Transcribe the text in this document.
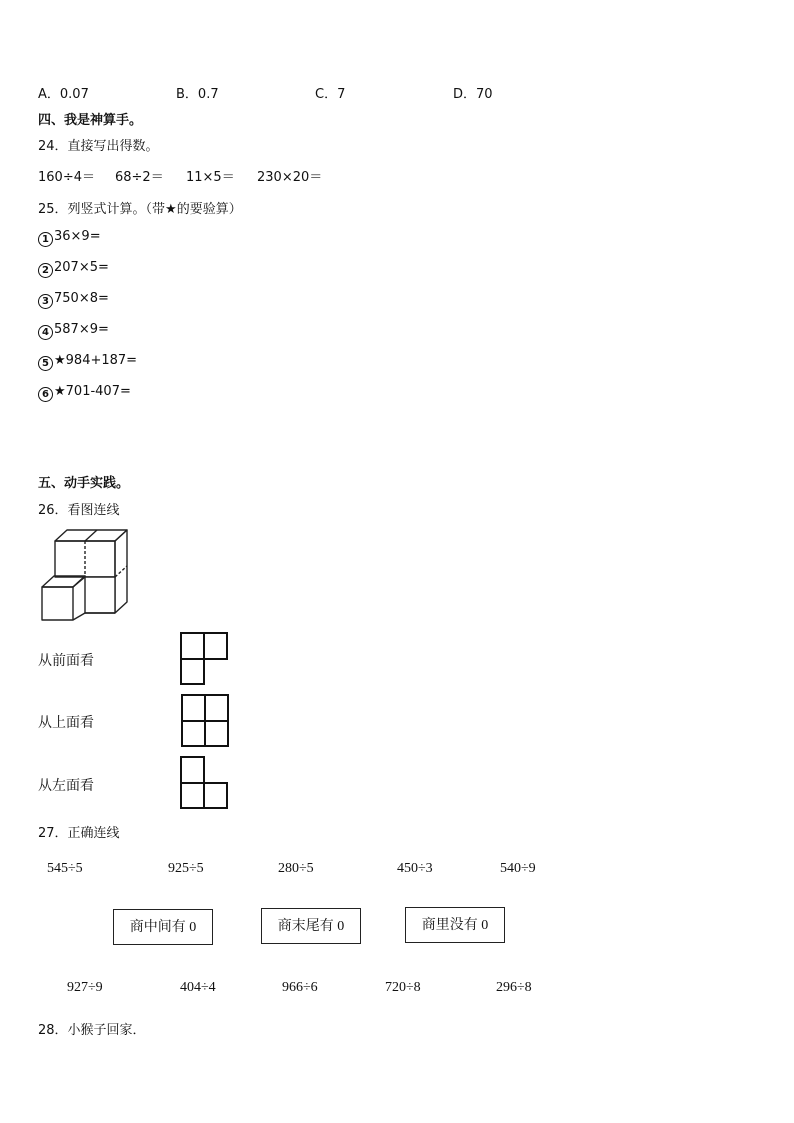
A．0.07	B．0.7	C．7	D．70
四、我是神算手。
24．直接写出得数。
160÷4＝ 68÷2＝ 11×5＝ 230×20＝
25．列竖式计算。（带★的要验算）
1 36×9=
2 207×5=
3 750×8=
4 587×9=
5 ★984+187=
6 ★701-407=
五、动手实践。
26．看图连线
从前面看
从上面看
从左面看
27．正确连线
545÷5	925÷5	280÷5	450÷3	540÷9
商中间有 0	商末尾有 0	商里没有 0
927÷9	404÷4	966÷6	720÷8	296÷8
28．小猴子回家．
